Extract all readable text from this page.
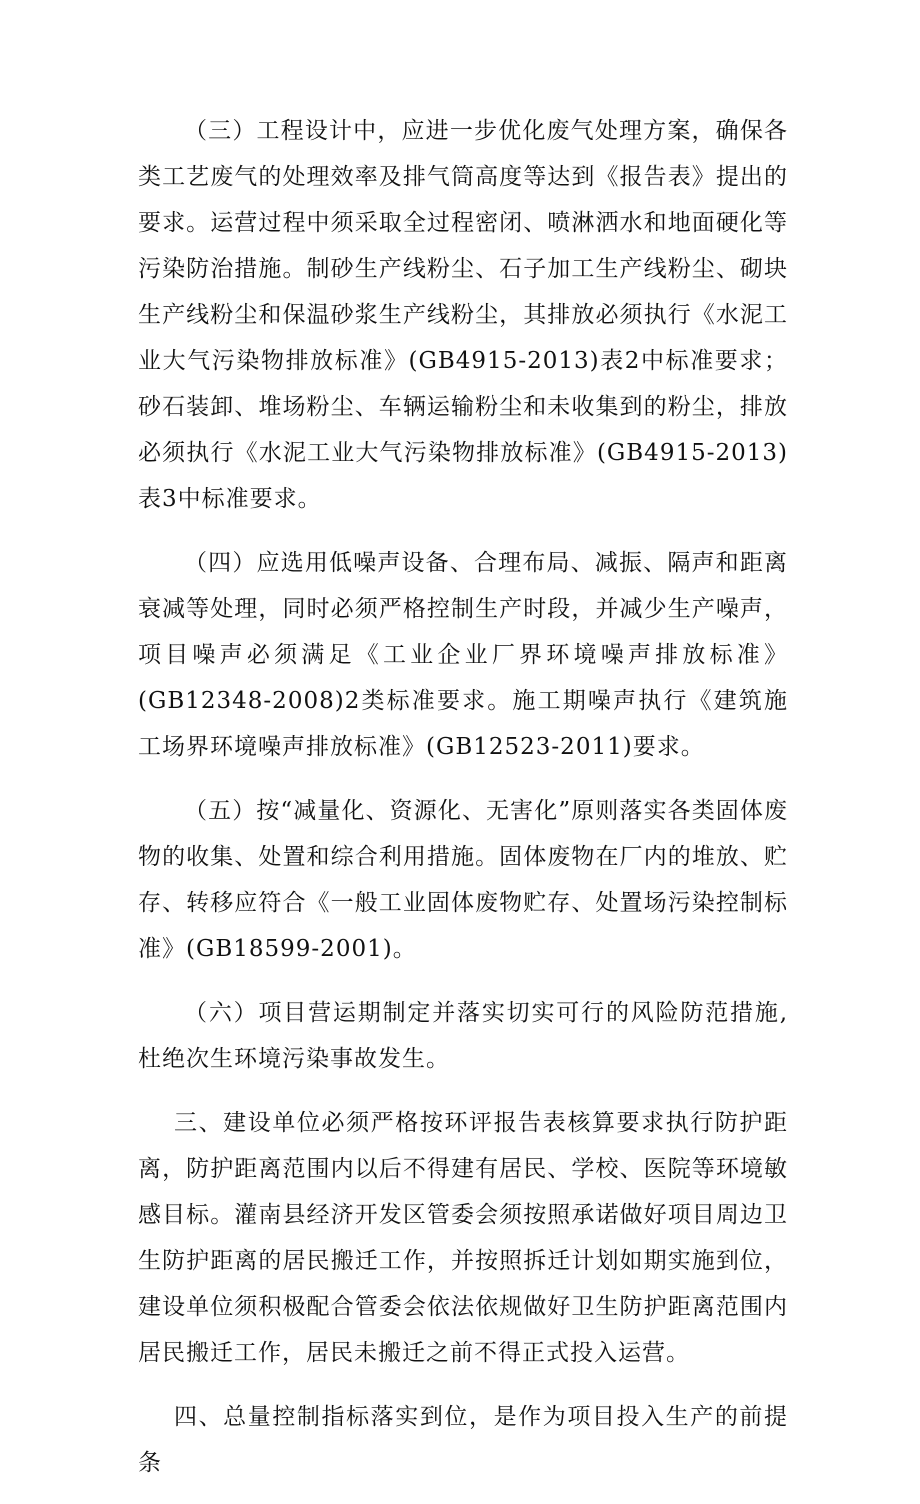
（三）工程设计中，应进一步优化废气处理方案，确保各类工艺废气的处理效率及排气筒高度等达到《报告表》提出的要求。运营过程中须采取全过程密闭、喷淋洒水和地面硬化等污染防治措施。制砂生产线粉尘、石子加工生产线粉尘、砌块生产线粉尘和保温砂浆生产线粉尘，其排放必须执行《水泥工业大气污染物排放标准》(GB4915-2013)表2中标准要求；砂石装卸、堆场粉尘、车辆运输粉尘和未收集到的粉尘，排放必须执行《水泥工业大气污染物排放标准》(GB4915-2013)表3中标准要求。

（四）应选用低噪声设备、合理布局、减振、隔声和距离衰减等处理，同时必须严格控制生产时段，并减少生产噪声，项目噪声必须满足《工业企业厂界环境噪声排放标准》(GB12348-2008)2类标准要求。施工期噪声执行《建筑施工场界环境噪声排放标准》(GB12523-2011)要求。

（五）按“减量化、资源化、无害化”原则落实各类固体废物的收集、处置和综合利用措施。固体废物在厂内的堆放、贮存、转移应符合《一般工业固体废物贮存、处置场污染控制标准》(GB18599-2001)。

（六）项目营运期制定并落实切实可行的风险防范措施,杜绝次生环境污染事故发生。

三、建设单位必须严格按环评报告表核算要求执行防护距离，防护距离范围内以后不得建有居民、学校、医院等环境敏感目标。灌南县经济开发区管委会须按照承诺做好项目周边卫生防护距离的居民搬迁工作，并按照拆迁计划如期实施到位，建设单位须积极配合管委会依法依规做好卫生防护距离范围内居民搬迁工作，居民未搬迁之前不得正式投入运营。

四、总量控制指标落实到位，是作为项目投入生产的前提条
